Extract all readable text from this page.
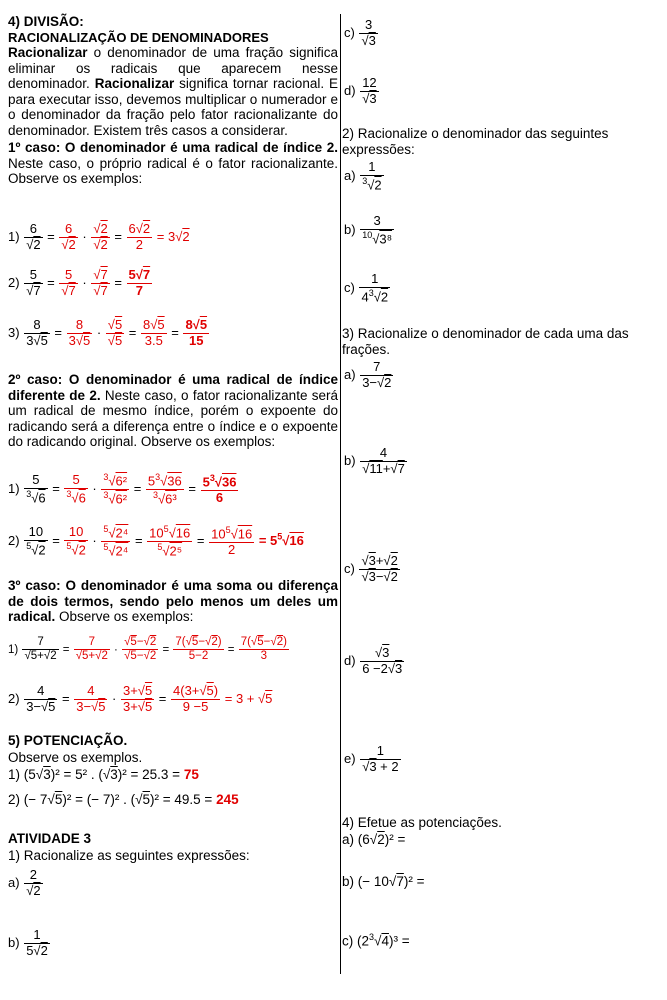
4) DIVISÃO:

RACIONALIZAÇÃO DE DENOMINADORES

Racionalizar o denominador de uma fração significa eliminar os radicais que aparecem nesse denominador. Racionalizar significa tornar racional. E para executar isso, devemos multiplicar o numerador e o denominador da fração pelo fator racionalizante do denominador. Existem três casos a considerar.

1º caso: O denominador é uma radical de índice 2. Neste caso, o próprio radical é o fator racionalizante. Observe os exemplos:

$1) \frac{6}{√2} = \frac{6}{√2} \cdot \frac{√2}{√2} = \frac{6√2}{2} = 3√2$
$2) \frac{5}{√7} = \frac{5}{√7} \cdot \frac{√7}{√7} = \frac{5√7}{7}$
$3) \frac{8}{3√5} = \frac{8}{3√5} \cdot \frac{√5}{√5} = \frac{8√5}{3.5} = \frac{8√5}{15}$

2º caso: O denominador é uma radical de índice diferente de 2. Neste caso, o fator racionalizante será um radical de mesmo índice, porém o expoente do radicando será a diferença entre o índice e o expoente do radicando original. Observe os exemplos:

$1) \frac{5}{^3√6} = \frac{5}{^3√6} \cdot \frac{^3√6^2}{^3√6^2} = \frac{5^3√36}{^3√6^3} = \frac{5^3√36}{6}$
$2) \frac{10}{^5√2} = \frac{10}{^5√2} \cdot \frac{^5√2^4}{^5√2^4} = \frac{10^5√16}{^5√2^5} = \frac{10^5√16}{2} = 5^5√16$

3º caso: O denominador é uma soma ou diferença de dois termos, sendo pelo menos um deles um radical. Observe os exemplos:

$1) \frac{7}{√5+√2} = \frac{7}{√5+√2} \cdot \frac{√5-√2}{√5-√2} = \frac{7(√5-√2)}{5-2} = \frac{7(√5-√2)}{3}$
$2) \frac{4}{3-√5} = \frac{4}{3-√5} \cdot \frac{3+√5}{3+√5} = \frac{4(3+√5)}{9 -5} = 3 + √5$
5) POTENCIAÇÃO.
Observe os exemplos.
1) (5√3)² = 5² . (√3)² = 25.3 = 75
2) (− 7√5)² = (− 7)² . (√5)² = 49.5 = 245
ATIVIDADE 3
1) Racionalize as seguintes expressões:
$a) \frac{2}{√2}$
$b) \frac{1}{5√2}$
$c) \frac{3}{√3}$
$d) \frac{12}{√3}$
2) Racionalize o denominador das seguintes expressões:
$a) \frac{1}{^3√2}$
$b) \frac{3}{^{10}√3^8}$
$c) \frac{1}{4^3√2}$
3) Racionalize o denominador de cada uma das frações.
$a) \frac{7}{3-√2}$
$b) \frac{4}{√11+√7}$
$c) \frac{√3+√2}{√3-√2}$
$d) \frac{√3}{6 -2√3}$
$e) \frac{1}{√3 + 2}$
4) Efetue as potenciações.
a) (6√2)² =
b) (− 10√7)² =
c) $(2^3√4)^3$ =
